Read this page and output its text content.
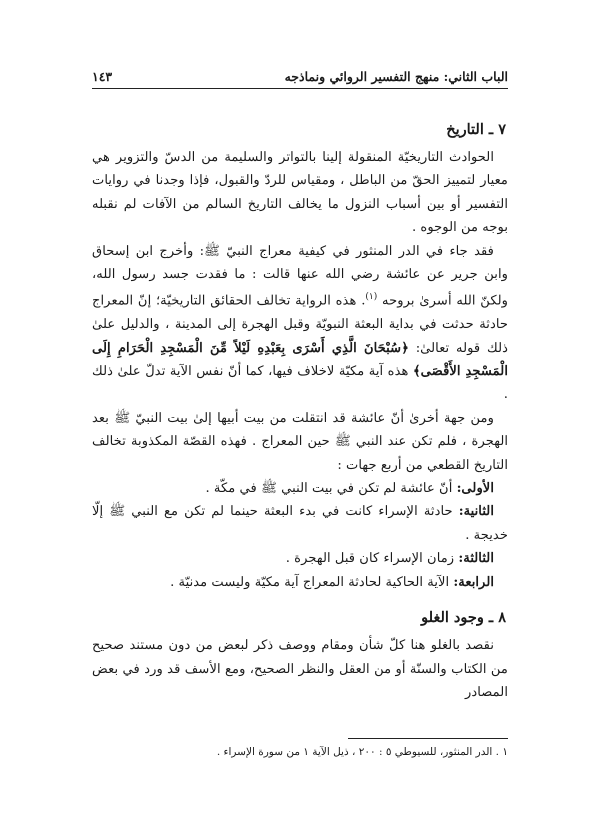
الباب الثاني: منهج التفسير الروائي ونماذجه
١٤٣
٧ ـ التاريخ

الحوادث التاريخيّة المنقولة إلينا بالتواتر والسليمة من الدسّ والتزوير هي معيار لتمييز الحقّ من الباطل ، ومقياس للردّ والقبول، فإذا وجدنا في روايات التفسير أو بين أسباب النزول ما يخالف التاريخ السالم من الآفات لم نقبله بوجه من الوجوه .

فقد جاء في الدر المنثور في كيفية معراج النبيّ ﷺ: وأخرج ابن إسحاق وابن جرير عن عائشة رضي الله عنها قالت : ما فقدت جسد رسول الله، ولكنّ الله أسرىٰ بروحه $^{(١)}$. هذه الرواية تخالف الحقائق التاريخيّة؛ إنّ المعراج حادثة حدثت في بداية البعثة النبويّة وقبل الهجرة إلى المدينة ، والدليل علىٰ ذلك قوله تعالىٰ: ﴿سُبْحَانَ الَّذِي أَسْرَى بِعَبْدِهِ لَيْلاً مِّنَ الْمَسْجِدِ الْحَرَامِ إِلَى الْمَسْجِدِ الأَقْصَى﴾ هذه آية مكيّة لاخلاف فيها، كما أنّ نفس الآية تدلّ علىٰ ذلك .

ومن جهة أخرىٰ أنّ عائشة قد انتقلت من بيت أبيها إلىٰ بيت النبيّ ﷺ بعد الهجرة ، فلم تكن عند النبي ﷺ حين المعراج . فهذه القصّة المكذوبة تخالف التاريخ القطعي من أربع جهات :

الأولى: أنّ عائشة لم تكن في بيت النبي ﷺ في مكّة .

الثانية: حادثة الإسراء كانت في بدء البعثة حينما لم تكن مع النبي ﷺ إلّا خديجة .

الثالثة: زمان الإسراء كان قبل الهجرة .

الرابعة: الآية الحاكية لحادثة المعراج آية مكيّة وليست مدنيّة .

٨ ـ وجود الغلو

نقصد بالغلو هنا كلّ شأن ومقام ووصف ذكر لبعض من دون مستند صحيح من الكتاب والسنّة أو من العقل والنظر الصحيح، ومع الأسف قد ورد في بعض المصادر

١ . الدر المنثور، للسيوطي ٥ : ٢٠٠ ، ذيل الآية ١ من سورة الإسراء .
